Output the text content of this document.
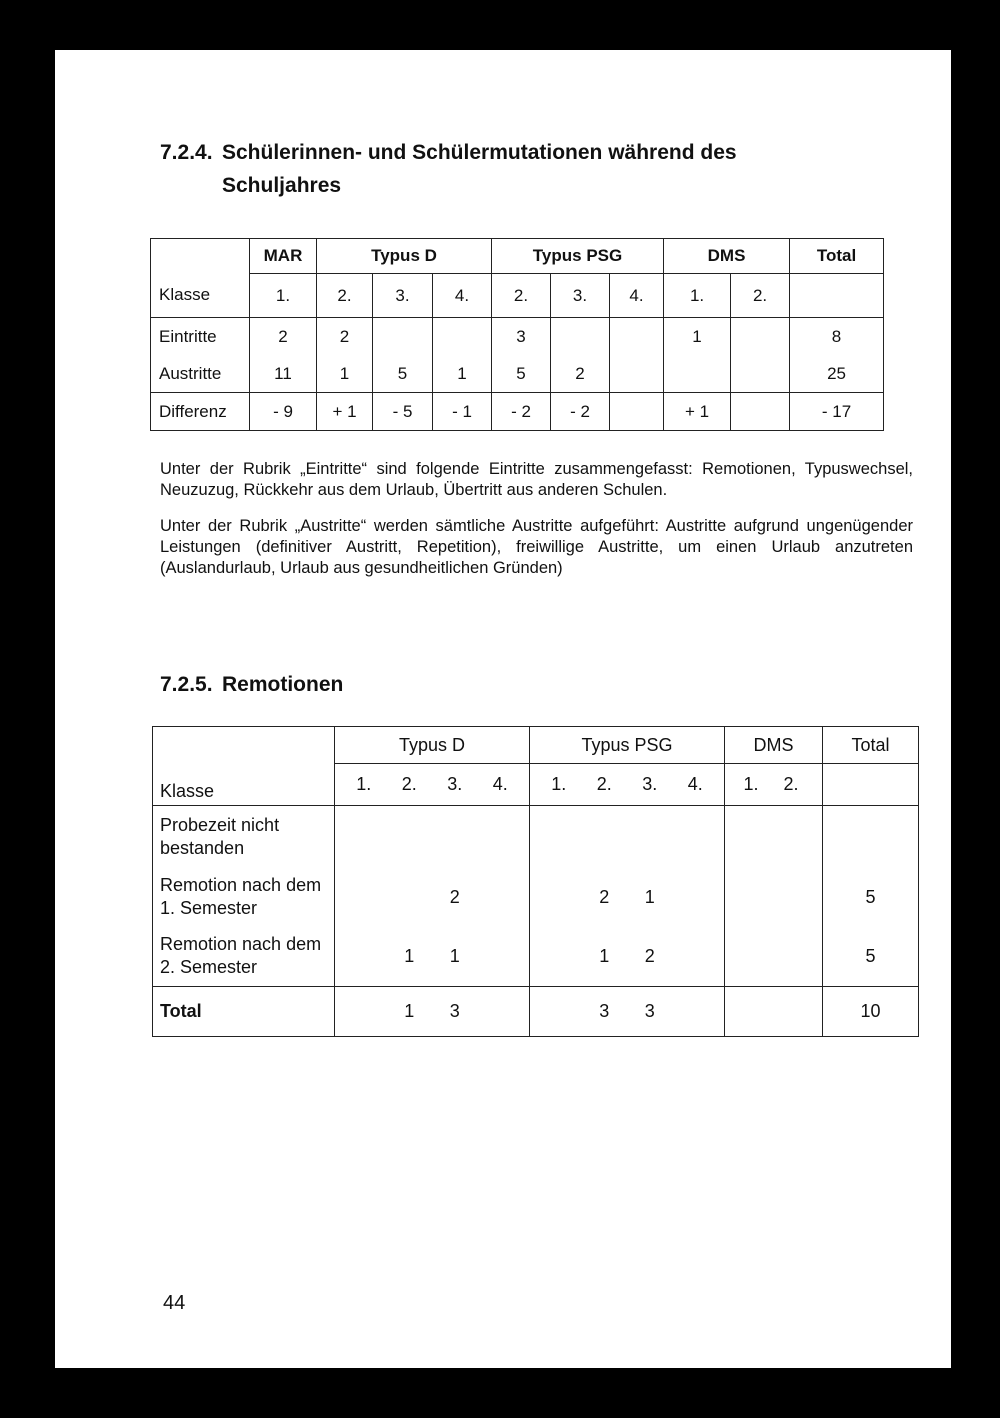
7.2.4. Schülerinnen- und Schülermutationen während des
Schuljahres
	MAR	Typus D			Typus PSG			DMS		Total
Klasse	1.	2.	3.	4.	2.	3.	4.	1.	2.	
Eintritte	2	2			3			1		8
Austritte	11	1	5	1	5	2				25
Differenz	- 9	+ 1	- 5	- 1	- 2	- 2		+ 1		- 17

Unter der Rubrik „Eintritte“ sind folgende Eintritte zusammengefasst: Remotionen, Typuswechsel, Neuzuzug, Rückkehr aus dem Urlaub, Übertritt aus anderen Schulen.

Unter der Rubrik „Austritte“ werden sämtliche Austritte aufgeführt: Austritte aufgrund ungenügender Leistungen (definitiver Austritt, Repetition), freiwillige Austritte, um einen Urlaub anzutreten (Auslandurlaub, Urlaub aus gesundheitlichen Gründen)

7.2.5. Remotionen
	Typus D	Typus PSG	DMS	Total
Klasse	1. 2. 3. 4.	1. 2. 3. 4.	1. 2.	

Probezeit nicht bestanden	

Remotion nach dem 1. Semester	2	2 1		5
Remotion nach dem 2. Semester	1 1	1 2		5
Total	1 3	3 3		10
44
